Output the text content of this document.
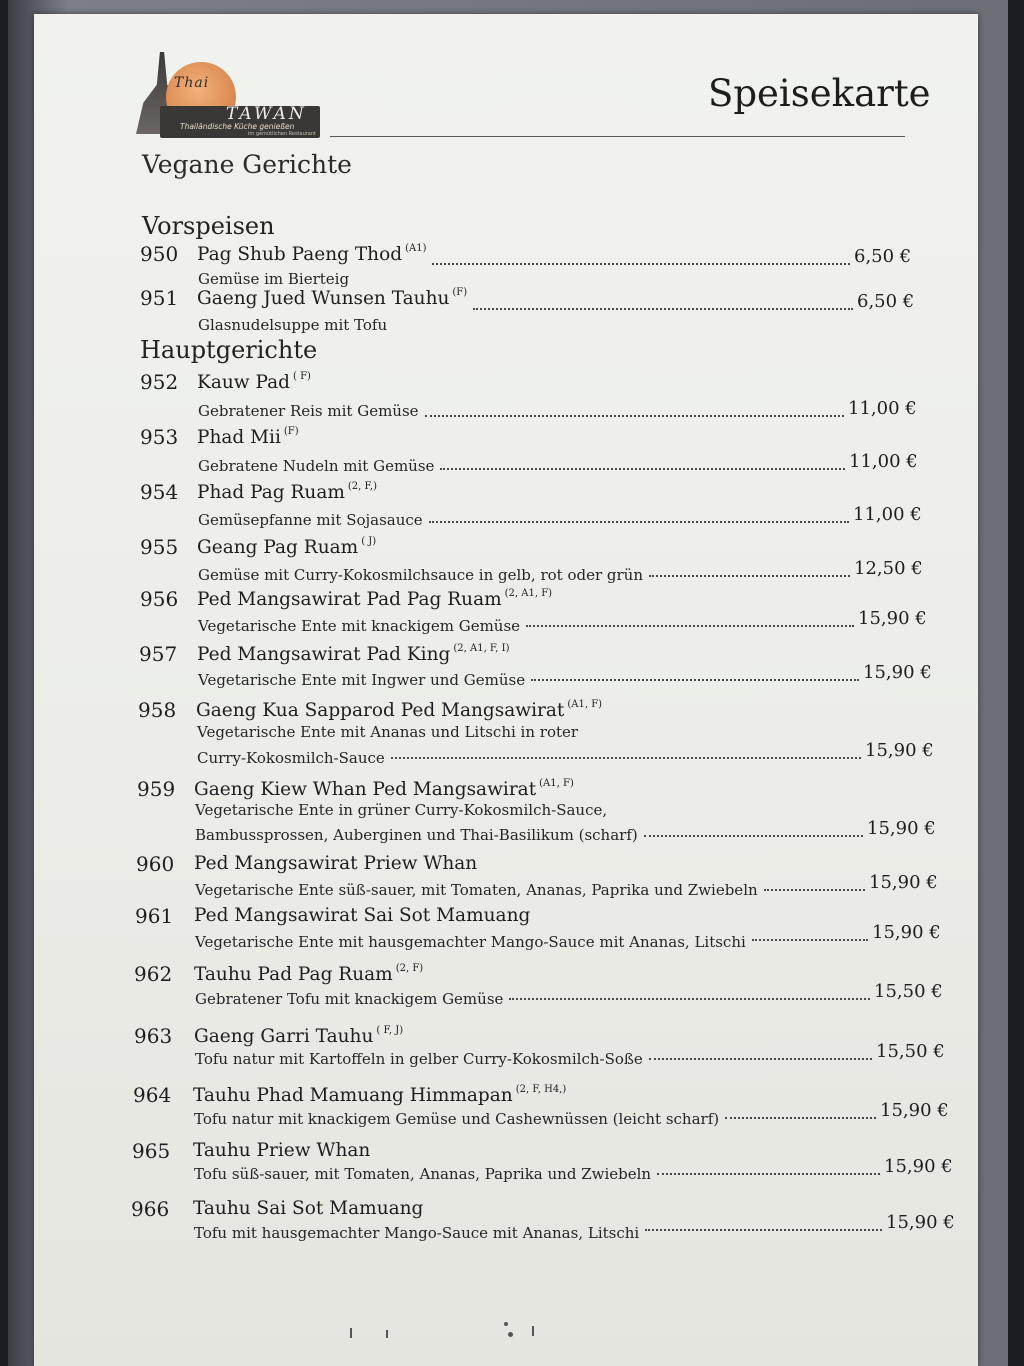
Thai
TAWAN
Thailändische Küche genießen
im gemütlichen Restaurant
Speisekarte
Vegane Gerichte
Vorspeisen
Hauptgerichte
950 Pag Shub Paeng Thod $^{(A1)}$
Gemüse im Bierteig
6,50 €
951 Gaeng Jued Wunsen Tauhu $^{(F)}$
Glasnudelsuppe mit Tofu
6,50 €
952 Kauw Pad $^{( F)}$
Gebratener Reis mit Gemüse	11,00 €
953 Phad Mii $^{(F)}$
Gebratene Nudeln mit Gemüse	11,00 €
954 Phad Pag Ruam $^{(2, F,)}$
Gemüsepfanne mit Sojasauce	11,00 €
955 Geang Pag Ruam $^{( J)}$
Gemüse mit Curry-Kokosmilchsauce in gelb, rot oder grün	12,50 €
956 Ped Mangsawirat Pad Pag Ruam $^{(2, A1, F)}$
Vegetarische Ente mit knackigem Gemüse	15,90 €
957 Ped Mangsawirat Pad King $^{(2, A1, F, I)}$
Vegetarische Ente mit Ingwer und Gemüse	15,90 €
958 Gaeng Kua Sapparod Ped Mangsawirat $^{(A1, F)}$
Vegetarische Ente mit Ananas und Litschi in roter
Curry-Kokosmilch-Sauce	15,90 €
959 Gaeng Kiew Whan Ped Mangsawirat $^{(A1, F)}$
Vegetarische Ente in grüner Curry-Kokosmilch-Sauce,
Bambussprossen, Auberginen und Thai-Basilikum (scharf)	15,90 €
960 Ped Mangsawirat Priew Whan
Vegetarische Ente süß-sauer, mit Tomaten, Ananas, Paprika und Zwiebeln	15,90 €
961 Ped Mangsawirat Sai Sot Mamuang
Vegetarische Ente mit hausgemachter Mango-Sauce mit Ananas, Litschi	15,90 €
962 Tauhu Pad Pag Ruam $^{(2, F)}$
Gebratener Tofu mit knackigem Gemüse	15,50 €
963 Gaeng Garri Tauhu $^{( F, J)}$
Tofu natur mit Kartoffeln in gelber Curry-Kokosmilch-Soße	15,50 €
964 Tauhu Phad Mamuang Himmapan $^{(2, F, H4,)}$
Tofu natur mit knackigem Gemüse und Cashewnüssen (leicht scharf)	15,90 €
965 Tauhu Priew Whan
Tofu süß-sauer, mit Tomaten, Ananas, Paprika und Zwiebeln	15,90 €
966 Tauhu Sai Sot Mamuang
Tofu mit hausgemachter Mango-Sauce mit Ananas, Litschi	15,90 €
